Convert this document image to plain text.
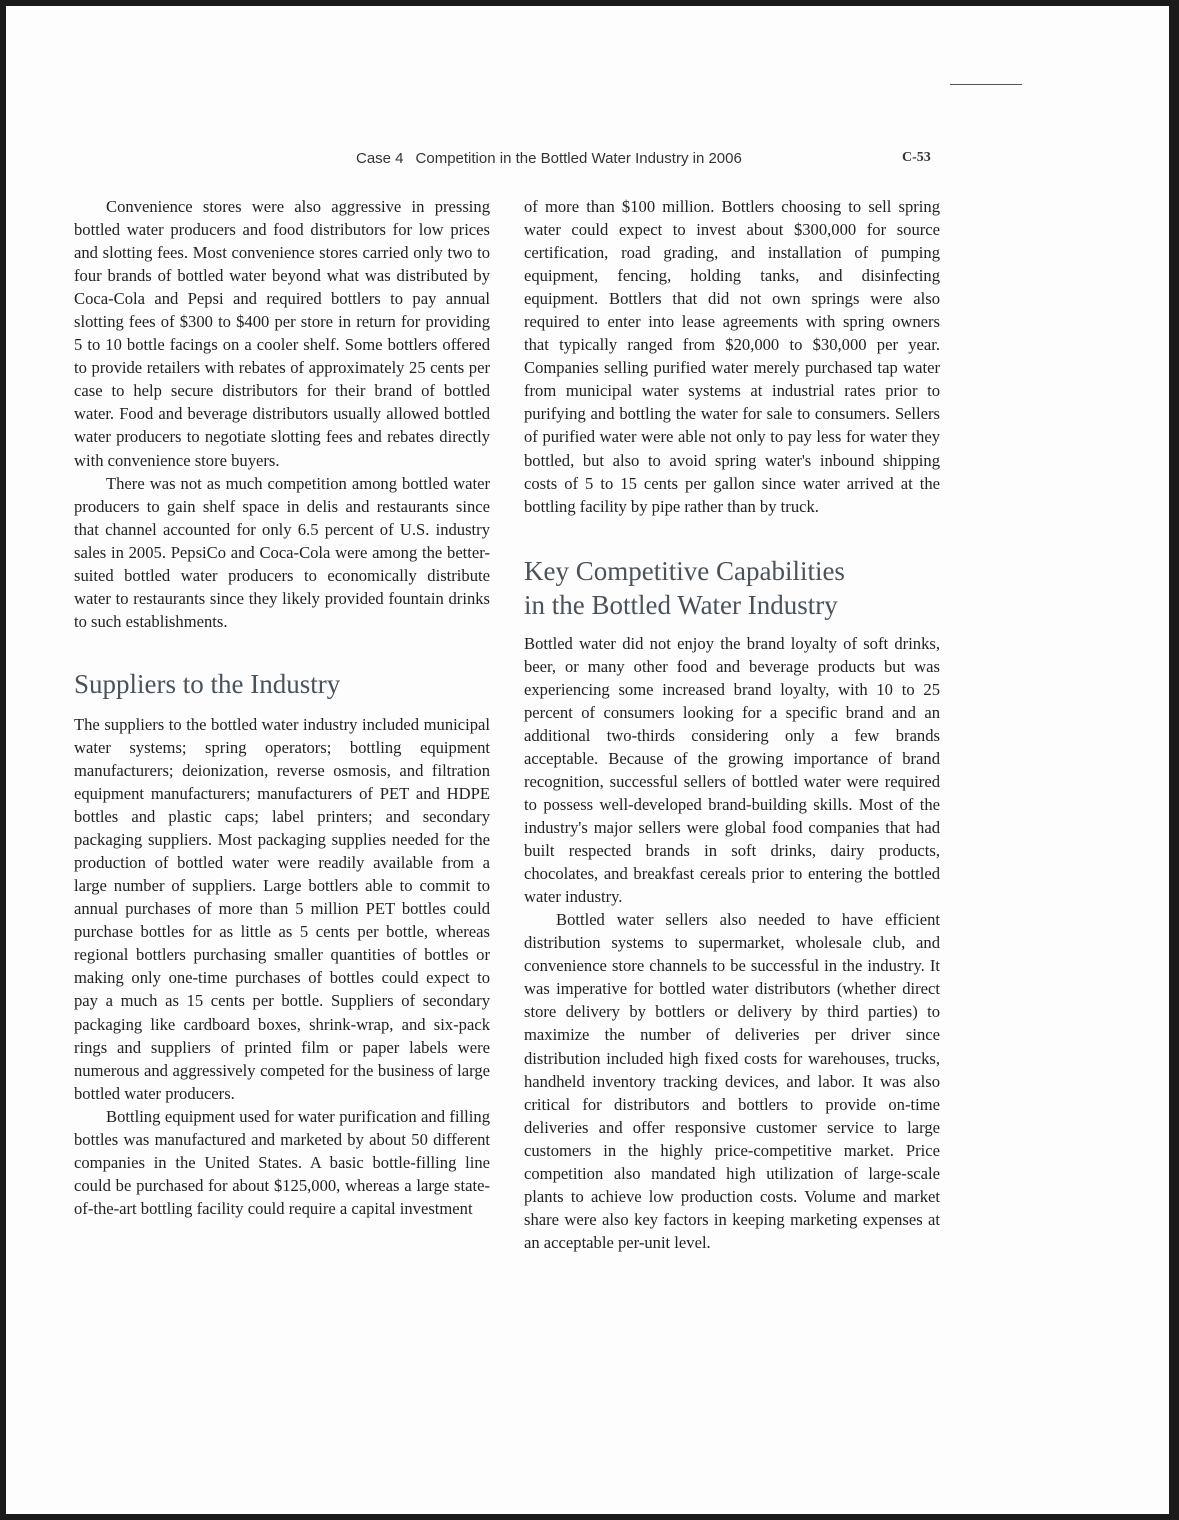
Case 4 Competition in the Bottled Water Industry in 2006	C-53

Convenience stores were also aggressive in pressing bottled water producers and food distributors for low prices and slotting fees. Most convenience stores carried only two to four brands of bottled water beyond what was distributed by Coca-Cola and Pepsi and required bottlers to pay annual slotting fees of $300 to $400 per store in return for providing 5 to 10 bottle facings on a cooler shelf. Some bottlers offered to provide retailers with rebates of approximately 25 cents per case to help secure distributors for their brand of bottled water. Food and beverage distributors usually allowed bottled water producers to negotiate slotting fees and rebates directly with convenience store buyers.

There was not as much competition among bottled water producers to gain shelf space in delis and restaurants since that channel accounted for only 6.5 percent of U.S. industry sales in 2005. PepsiCo and Coca-Cola were among the better-suited bottled water producers to economically distribute water to restaurants since they likely provided fountain drinks to such establishments.

Suppliers to the Industry

The suppliers to the bottled water industry included municipal water systems; spring operators; bottling equipment manufacturers; deionization, reverse osmosis, and filtration equipment manufacturers; manufacturers of PET and HDPE bottles and plastic caps; label printers; and secondary packaging suppliers. Most packaging supplies needed for the production of bottled water were readily available from a large number of suppliers. Large bottlers able to commit to annual purchases of more than 5 million PET bottles could purchase bottles for as little as 5 cents per bottle, whereas regional bottlers purchasing smaller quantities of bottles or making only one-time purchases of bottles could expect to pay a much as 15 cents per bottle. Suppliers of secondary packaging like cardboard boxes, shrink-wrap, and six-pack rings and suppliers of printed film or paper labels were numerous and aggressively competed for the business of large bottled water producers.

Bottling equipment used for water purification and filling bottles was manufactured and marketed by about 50 different companies in the United States. A basic bottle-filling line could be purchased for about $125,000, whereas a large state-of-the-art bottling facility could require a capital investment

of more than $100 million. Bottlers choosing to sell spring water could expect to invest about $300,000 for source certification, road grading, and installation of pumping equipment, fencing, holding tanks, and disinfecting equipment. Bottlers that did not own springs were also required to enter into lease agreements with spring owners that typically ranged from $20,000 to $30,000 per year. Companies selling purified water merely purchased tap water from municipal water systems at industrial rates prior to purifying and bottling the water for sale to consumers. Sellers of purified water were able not only to pay less for water they bottled, but also to avoid spring water's inbound shipping costs of 5 to 15 cents per gallon since water arrived at the bottling facility by pipe rather than by truck.

Key Competitive Capabilities
in the Bottled Water Industry

Bottled water did not enjoy the brand loyalty of soft drinks, beer, or many other food and beverage products but was experiencing some increased brand loyalty, with 10 to 25 percent of consumers looking for a specific brand and an additional two-thirds considering only a few brands acceptable. Because of the growing importance of brand recognition, successful sellers of bottled water were required to possess well-developed brand-building skills. Most of the industry's major sellers were global food companies that had built respected brands in soft drinks, dairy products, chocolates, and breakfast cereals prior to entering the bottled water industry.

Bottled water sellers also needed to have efficient distribution systems to supermarket, wholesale club, and convenience store channels to be successful in the industry. It was imperative for bottled water distributors (whether direct store delivery by bottlers or delivery by third parties) to maximize the number of deliveries per driver since distribution included high fixed costs for warehouses, trucks, handheld inventory tracking devices, and labor. It was also critical for distributors and bottlers to provide on-time deliveries and offer responsive customer service to large customers in the highly price-competitive market. Price competition also mandated high utilization of large-scale plants to achieve low production costs. Volume and market share were also key factors in keeping marketing expenses at an acceptable per-unit level.
